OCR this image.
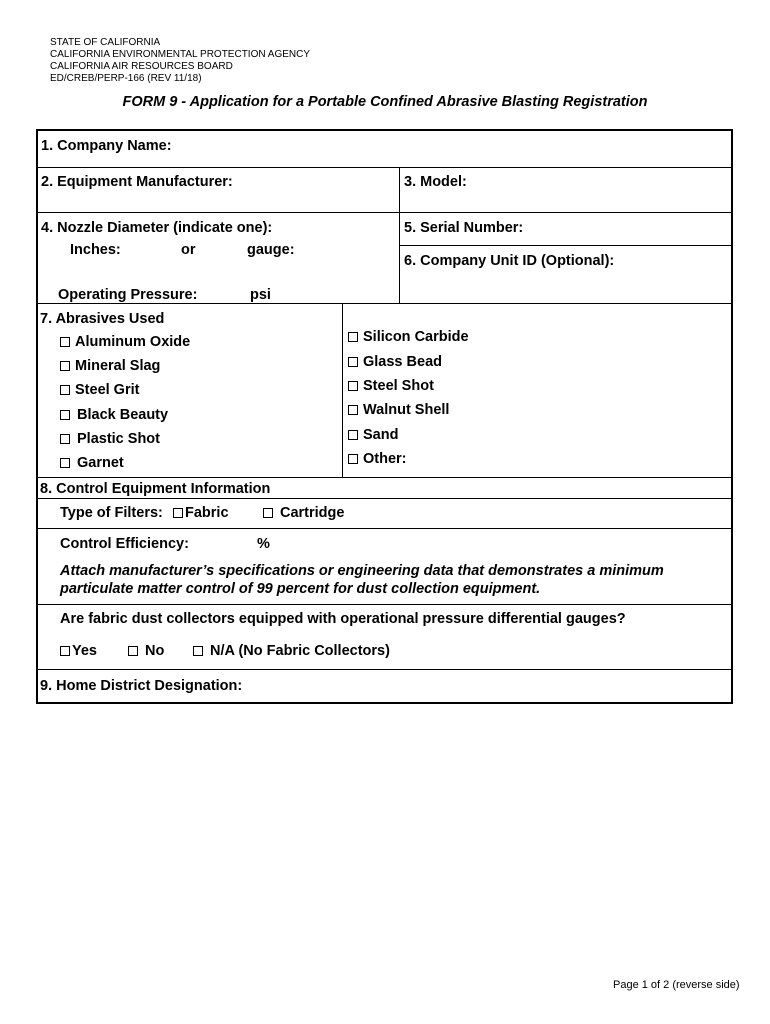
STATE OF CALIFORNIA
CALIFORNIA ENVIRONMENTAL PROTECTION AGENCY
CALIFORNIA AIR RESOURCES BOARD
ED/CREB/PERP-166 (REV 11/18)
FORM 9 - Application for a Portable Confined Abrasive Blasting Registration
1. Company Name:
2. Equipment Manufacturer:	3. Model:
4. Nozzle Diameter (indicate one):
Inches:	or	gauge:
5. Serial Number:
6. Company Unit ID (Optional):
Operating Pressure:	psi
7. Abrasives Used
Aluminum Oxide
Mineral Slag
Steel Grit
Black Beauty
Plastic Shot
Garnet
Silicon Carbide
Glass Bead
Steel Shot
Walnut Shell
Sand
Other:
8. Control Equipment Information
Type of Filters:	Fabric	Cartridge
Control Efficiency:	%
Attach manufacturer’s specifications or engineering data that demonstrates a minimum
particulate matter control of 99 percent for dust collection equipment.
Are fabric dust collectors equipped with operational pressure differential gauges?
Yes	No	N/A (No Fabric Collectors)
9. Home District Designation:
Page 1 of 2 (reverse side)
